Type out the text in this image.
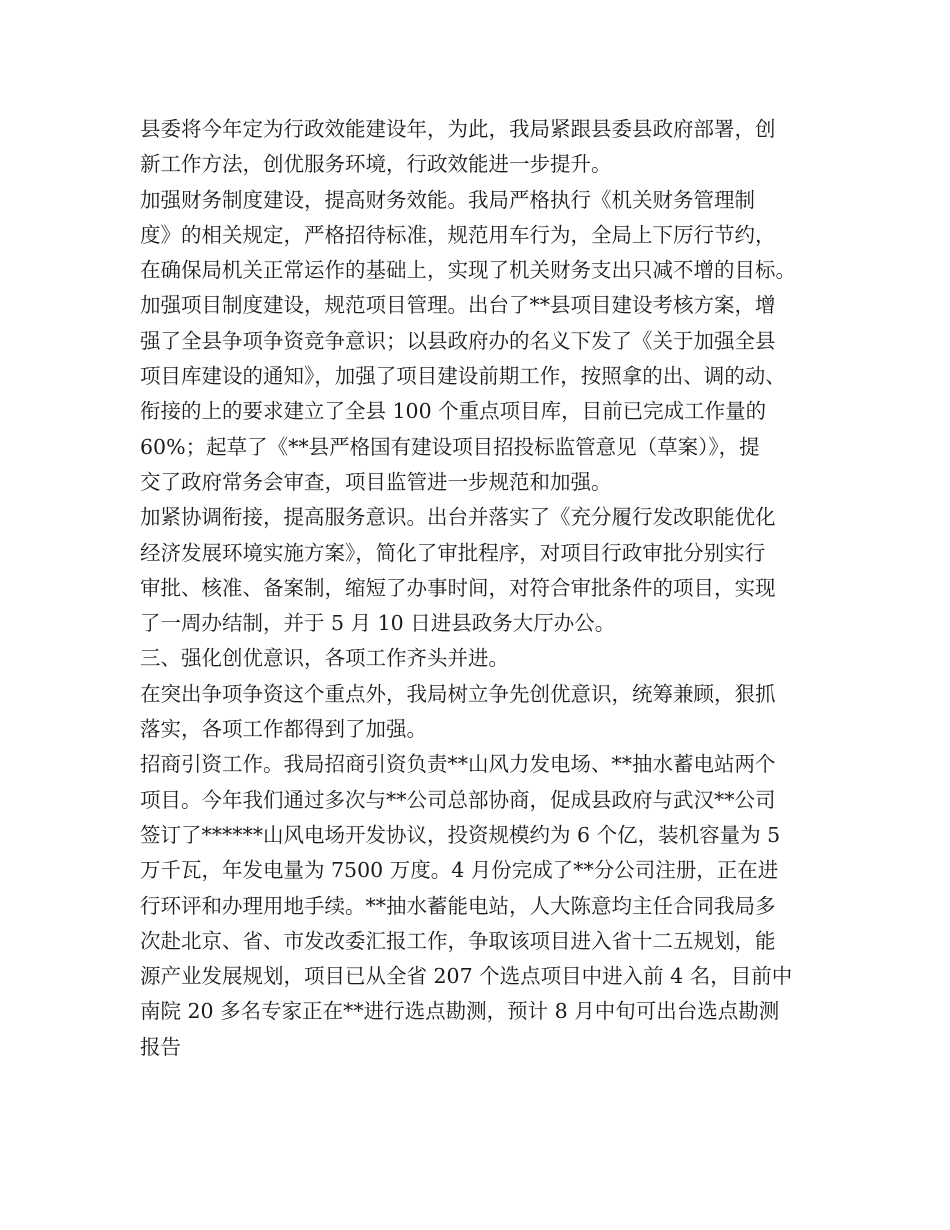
县委将今年定为行政效能建设年，为此，我局紧跟县委县政府部署，创
新工作方法，创优服务环境，行政效能进一步提升。
加强财务制度建设，提高财务效能。我局严格执行《机关财务管理制
度》的相关规定，严格招待标准，规范用车行为，全局上下厉行节约，
在确保局机关正常运作的基础上，实现了机关财务支出只减不增的目标。
加强项目制度建设，规范项目管理。出台了**县项目建设考核方案，增
强了全县争项争资竞争意识；以县政府办的名义下发了《关于加强全县
项目库建设的通知》，加强了项目建设前期工作，按照拿的出、调的动、
衔接的上的要求建立了全县 100 个重点项目库，目前已完成工作量的
60%；起草了《**县严格国有建设项目招投标监管意见（草案）》，提
交了政府常务会审查，项目监管进一步规范和加强。
加紧协调衔接，提高服务意识。出台并落实了《充分履行发改职能优化
经济发展环境实施方案》，简化了审批程序，对项目行政审批分别实行
审批、核准、备案制，缩短了办事时间，对符合审批条件的项目，实现
了一周办结制，并于 5 月 10 日进县政务大厅办公。
三、强化创优意识，各项工作齐头并进。
在突出争项争资这个重点外，我局树立争先创优意识，统筹兼顾，狠抓
落实，各项工作都得到了加强。
招商引资工作。我局招商引资负责**山风力发电场、**抽水蓄电站两个
项目。今年我们通过多次与**公司总部协商，促成县政府与武汉**公司
签订了******山风电场开发协议，投资规模约为 6 个亿，装机容量为 5
万千瓦，年发电量为 7500 万度。4 月份完成了**分公司注册，正在进
行环评和办理用地手续。**抽水蓄能电站，人大陈意均主任合同我局多
次赴北京、省、市发改委汇报工作，争取该项目进入省十二五规划，能
源产业发展规划，项目已从全省 207 个选点项目中进入前 4 名，目前中
南院 20 多名专家正在**进行选点勘测，预计 8 月中旬可出台选点勘测
报告
